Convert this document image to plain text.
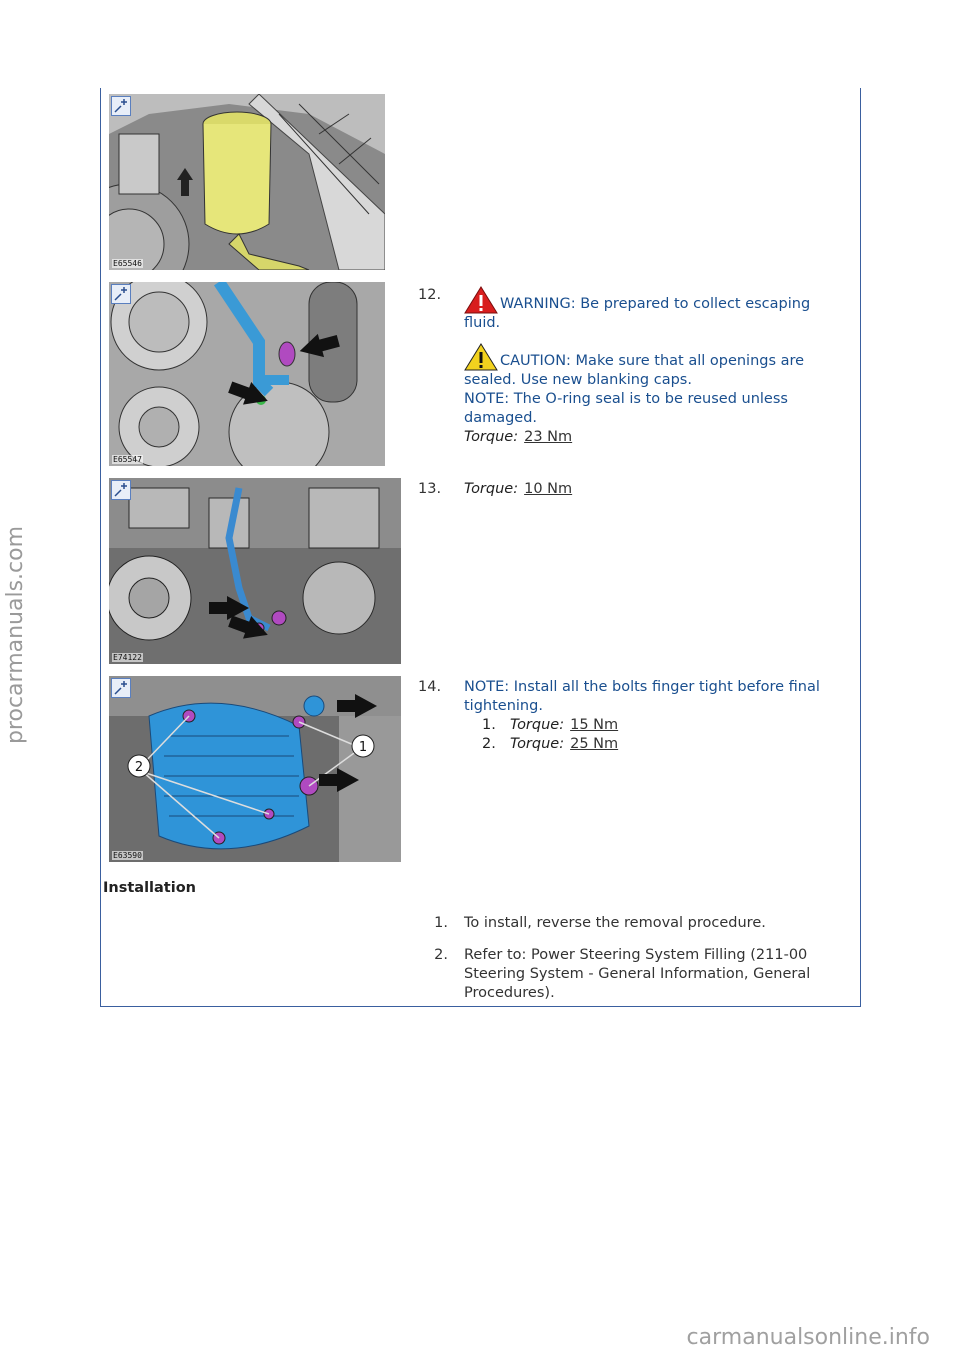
procarmanuals.com
E65546
E65547
E74122
2
1
E63590
12.
WARNING: Be prepared to collect escaping fluid.
CAUTION: Make sure that all openings are sealed. Use new blanking caps.
NOTE: The O-ring seal is to be reused unless damaged.
Torque: 23 Nm
13.	Torque: 10 Nm
14.	NOTE: Install all the bolts finger tight before final tightening.
1. Torque: 15 Nm
2. Torque: 25 Nm
Installation
1. To install, reverse the removal procedure.
2. Refer to: Power Steering System Filling (211-00 Steering System - General Information, General Procedures).
carmanualsonline.info
